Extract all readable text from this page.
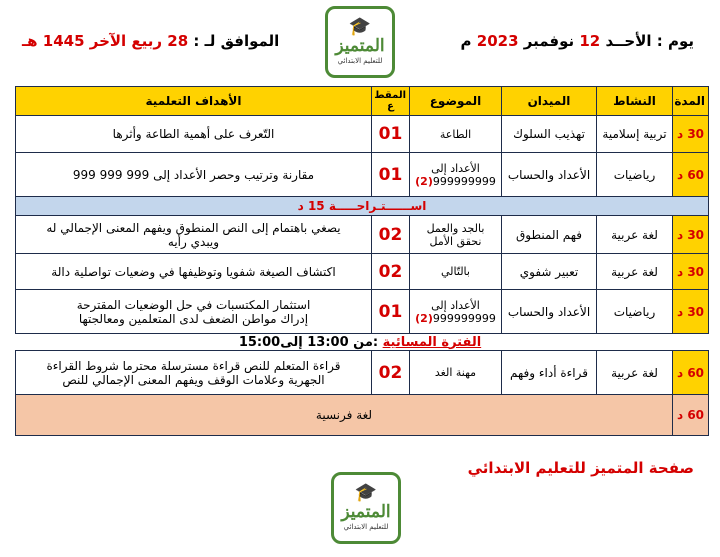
يوم : الأحــد 12 نوفمبر 2023 م
الموافق لـ : 28 ربيع الآخر 1445 هـ
🎓
المتميز
للتعليم الابتدائي
المدة	النشاط	الميدان	الموضوع	المقط
ع	الأهداف التعلمية
30 د	تربية إسلامية	تهذيب السلوك	الطاعة	01	التّعرف على أهمية الطاعة وأثرها
60 د	رياضيات	الأعداد والحساب	الأعداد إلى
999999999(2)	01	مقارنة وترتيب وحصر الأعداد إلى 999 999 999
اســــــتـراحـــــة 15 د					
30 د	لغة عربية	فهم المنطوق	بالجد والعمل
نحقق الأمل	02	يصغي باهتمام إلى النص المنطوق ويفهم المعنى الإجمالي له
ويبدي رأيه
30 د	لغة عربية	تعبير شفوي	بالتّالي	02	اكتشاف الصيغة شفويا وتوظيفها في وضعيات تواصلية دالة
30 د	رياضيات	الأعداد والحساب	الأعداد إلى
999999999(2)	01	استثمار المكتسبات في حل الوضعيات المقترحة
إدراك مواطن الضعف لدى المتعلمين ومعالجتها
الفترة المسائية :من 13:00 إلى15:00					
60 د	لغة عربية	قراءة أداء وفهم	مهنة الغد	02	قراءة المتعلم للنص قراءة مسترسلة محترما شروط القراءة
الجهرية وعلامات الوقف ويفهم المعنى الإجمالي للنص
60 د	لغة فرنسية				
صفحة المتميز للتعليم الابتدائي
🎓
المتميز
للتعليم الابتدائي
